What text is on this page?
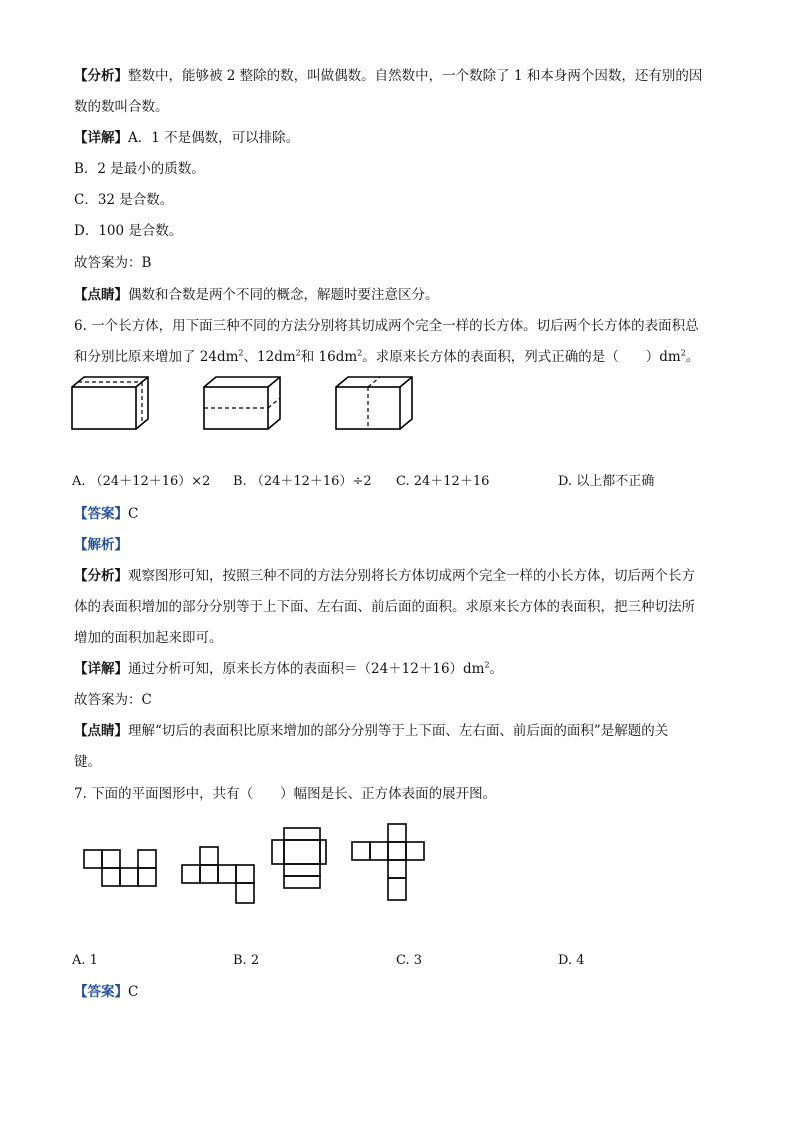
【分析】整数中，能够被 2 整除的数，叫做偶数。自然数中，一个数除了 1 和本身两个因数，还有别的因
数的数叫合数。
【详解】A．1 不是偶数，可以排除。
B．2 是最小的质数。
C．32 是合数。
D．100 是合数。
故答案为：B
【点睛】偶数和合数是两个不同的概念，解题时要注意区分。
6. 一个长方体，用下面三种不同的方法分别将其切成两个完全一样的长方体。切后两个长方体的表面积总
和分别比原来增加了 $24dm^2$、$12dm^2$和 $16dm^2$。求原来长方体的表面积，列式正确的是（　　）$dm^2$。
A. （24＋12＋16）×2 B. （24＋12＋16）÷2 C. 24＋12＋16	D. 以上都不正确
【答案】C
【解析】
【分析】观察图形可知，按照三种不同的方法分别将长方体切成两个完全一样的小长方体，切后两个长方
体的表面积增加的部分分别等于上下面、左右面、前后面的面积。求原来长方体的表面积，把三种切法所
增加的面积加起来即可。
【详解】通过分析可知，原来长方体的表面积$=(24+12+16)dm^2$。
故答案为：C
【点睛】理解“切后的表面积比原来增加的部分分别等于上下面、左右面、前后面的面积”是解题的关
键。
7. 下面的平面图形中，共有（　　）幅图是长、正方体表面的展开图。
A. 1	B. 2	C. 3	D. 4
【答案】C
